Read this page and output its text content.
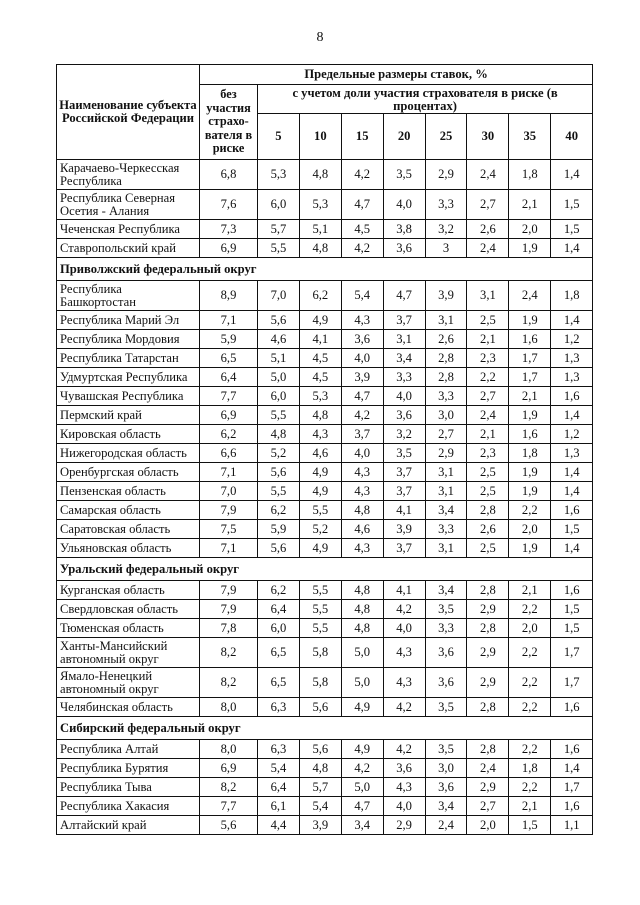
8
Наименование субъекта Российской Федерации	Предельные размеры ставок, %								
	без участия страхо-вателя в риске	с учетом доли участия страхователя в риске (в процентах)							
		5	10	15	20	25	30	35	40
Карачаево-Черкесская Республика	6,8	5,3	4,8	4,2	3,5	2,9	2,4	1,8	1,4
Республика Северная Осетия - Алания	7,6	6,0	5,3	4,7	4,0	3,3	2,7	2,1	1,5
Чеченская Республика	7,3	5,7	5,1	4,5	3,8	3,2	2,6	2,0	1,5
Ставропольский край	6,9	5,5	4,8	4,2	3,6	3	2,4	1,9	1,4
Приволжский федеральный округ									
Республика Башкортостан	8,9	7,0	6,2	5,4	4,7	3,9	3,1	2,4	1,8
Республика Марий Эл	7,1	5,6	4,9	4,3	3,7	3,1	2,5	1,9	1,4
Республика Мордовия	5,9	4,6	4,1	3,6	3,1	2,6	2,1	1,6	1,2
Республика Татарстан	6,5	5,1	4,5	4,0	3,4	2,8	2,3	1,7	1,3
Удмуртская Республика	6,4	5,0	4,5	3,9	3,3	2,8	2,2	1,7	1,3
Чувашская Республика	7,7	6,0	5,3	4,7	4,0	3,3	2,7	2,1	1,6
Пермский край	6,9	5,5	4,8	4,2	3,6	3,0	2,4	1,9	1,4
Кировская область	6,2	4,8	4,3	3,7	3,2	2,7	2,1	1,6	1,2
Нижегородская область	6,6	5,2	4,6	4,0	3,5	2,9	2,3	1,8	1,3
Оренбургская область	7,1	5,6	4,9	4,3	3,7	3,1	2,5	1,9	1,4
Пензенская область	7,0	5,5	4,9	4,3	3,7	3,1	2,5	1,9	1,4
Самарская область	7,9	6,2	5,5	4,8	4,1	3,4	2,8	2,2	1,6
Саратовская область	7,5	5,9	5,2	4,6	3,9	3,3	2,6	2,0	1,5
Ульяновская область	7,1	5,6	4,9	4,3	3,7	3,1	2,5	1,9	1,4
Уральский федеральный округ									
Курганская область	7,9	6,2	5,5	4,8	4,1	3,4	2,8	2,1	1,6
Свердловская область	7,9	6,4	5,5	4,8	4,2	3,5	2,9	2,2	1,5
Тюменская область	7,8	6,0	5,5	4,8	4,0	3,3	2,8	2,0	1,5
Ханты-Мансийский автономный округ	8,2	6,5	5,8	5,0	4,3	3,6	2,9	2,2	1,7
Ямало-Ненецкий автономный округ	8,2	6,5	5,8	5,0	4,3	3,6	2,9	2,2	1,7
Челябинская область	8,0	6,3	5,6	4,9	4,2	3,5	2,8	2,2	1,6
Сибирский федеральный округ									
Республика Алтай	8,0	6,3	5,6	4,9	4,2	3,5	2,8	2,2	1,6
Республика Бурятия	6,9	5,4	4,8	4,2	3,6	3,0	2,4	1,8	1,4
Республика Тыва	8,2	6,4	5,7	5,0	4,3	3,6	2,9	2,2	1,7
Республика Хакасия	7,7	6,1	5,4	4,7	4,0	3,4	2,7	2,1	1,6
Алтайский край	5,6	4,4	3,9	3,4	2,9	2,4	2,0	1,5	1,1
